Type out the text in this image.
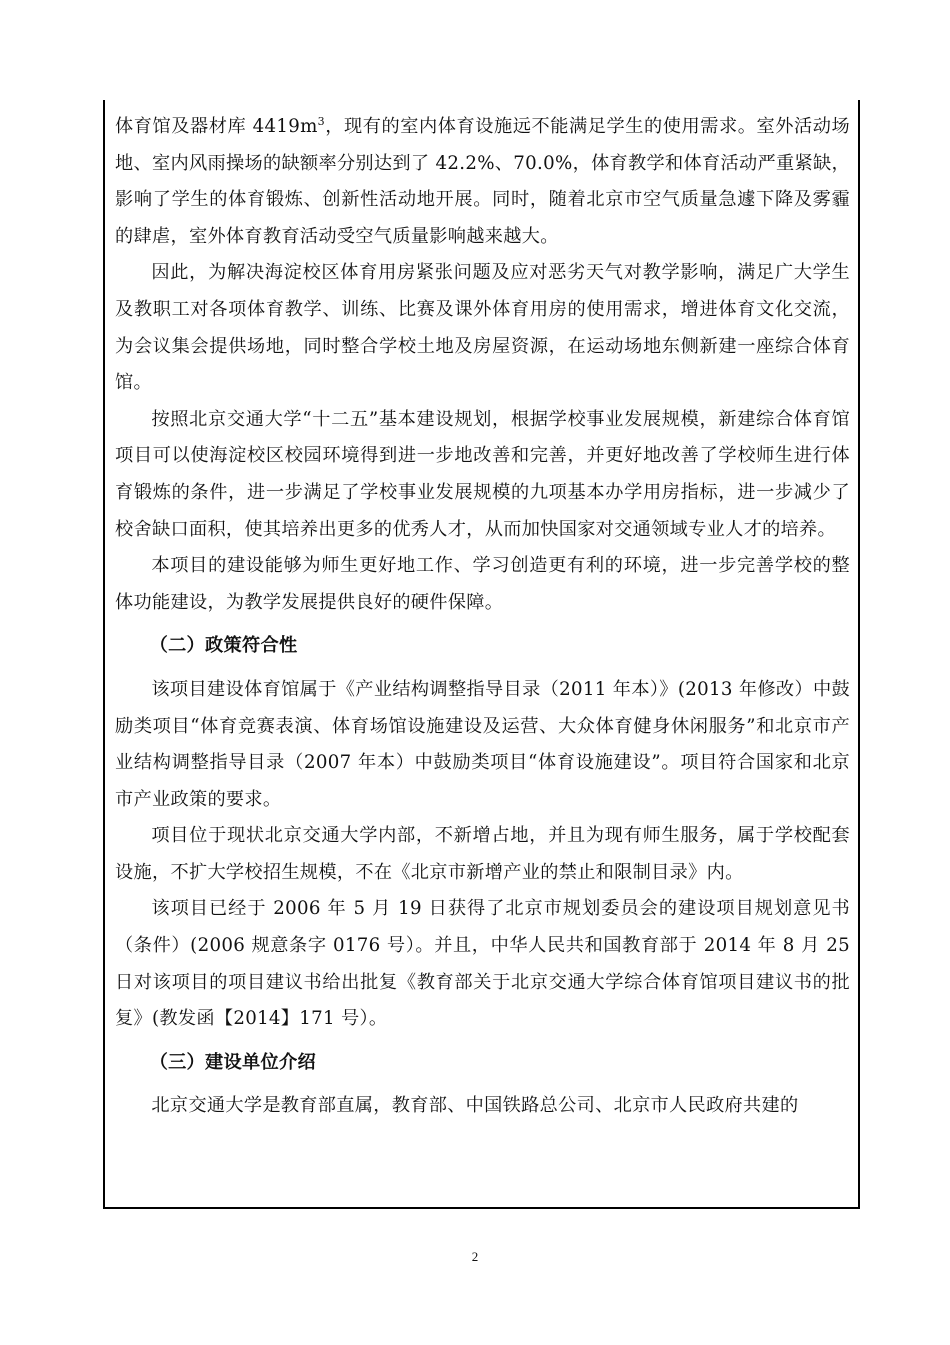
体育馆及器材库 $4419m^3$，现有的室内体育设施远不能满足学生的使用需求。室外活动场地、室内风雨操场的缺额率分别达到了 42.2%、70.0%，体育教学和体育活动严重紧缺，影响了学生的体育锻炼、创新性活动地开展。同时，随着北京市空气质量急遽下降及雾霾的肆虐，室外体育教育活动受空气质量影响越来越大。

因此，为解决海淀校区体育用房紧张问题及应对恶劣天气对教学影响，满足广大学生及教职工对各项体育教学、训练、比赛及课外体育用房的使用需求，增进体育文化交流，为会议集会提供场地，同时整合学校土地及房屋资源，在运动场地东侧新建一座综合体育馆。

按照北京交通大学“十二五”基本建设规划，根据学校事业发展规模，新建综合体育馆项目可以使海淀校区校园环境得到进一步地改善和完善，并更好地改善了学校师生进行体育锻炼的条件，进一步满足了学校事业发展规模的九项基本办学用房指标，进一步减少了校舍缺口面积，使其培养出更多的优秀人才，从而加快国家对交通领域专业人才的培养。

本项目的建设能够为师生更好地工作、学习创造更有利的环境，进一步完善学校的整体功能建设，为教学发展提供良好的硬件保障。

（二）政策符合性

该项目建设体育馆属于《产业结构调整指导目录（2011 年本）》(2013 年修改）中鼓励类项目“体育竞赛表演、体育场馆设施建设及运营、大众体育健身休闲服务”和北京市产业结构调整指导目录（2007 年本）中鼓励类项目“体育设施建设”。项目符合国家和北京市产业政策的要求。

项目位于现状北京交通大学内部，不新增占地，并且为现有师生服务，属于学校配套设施，不扩大学校招生规模，不在《北京市新增产业的禁止和限制目录》内。

该项目已经于 2006 年 5 月 19 日获得了北京市规划委员会的建设项目规划意见书（条件）(2006 规意条字 0176 号）。并且，中华人民共和国教育部于 2014 年 8 月 25 日对该项目的项目建议书给出批复《教育部关于北京交通大学综合体育馆项目建议书的批复》(教发函【2014】171 号）。

（三）建设单位介绍

北京交通大学是教育部直属，教育部、中国铁路总公司、北京市人民政府共建的

2
